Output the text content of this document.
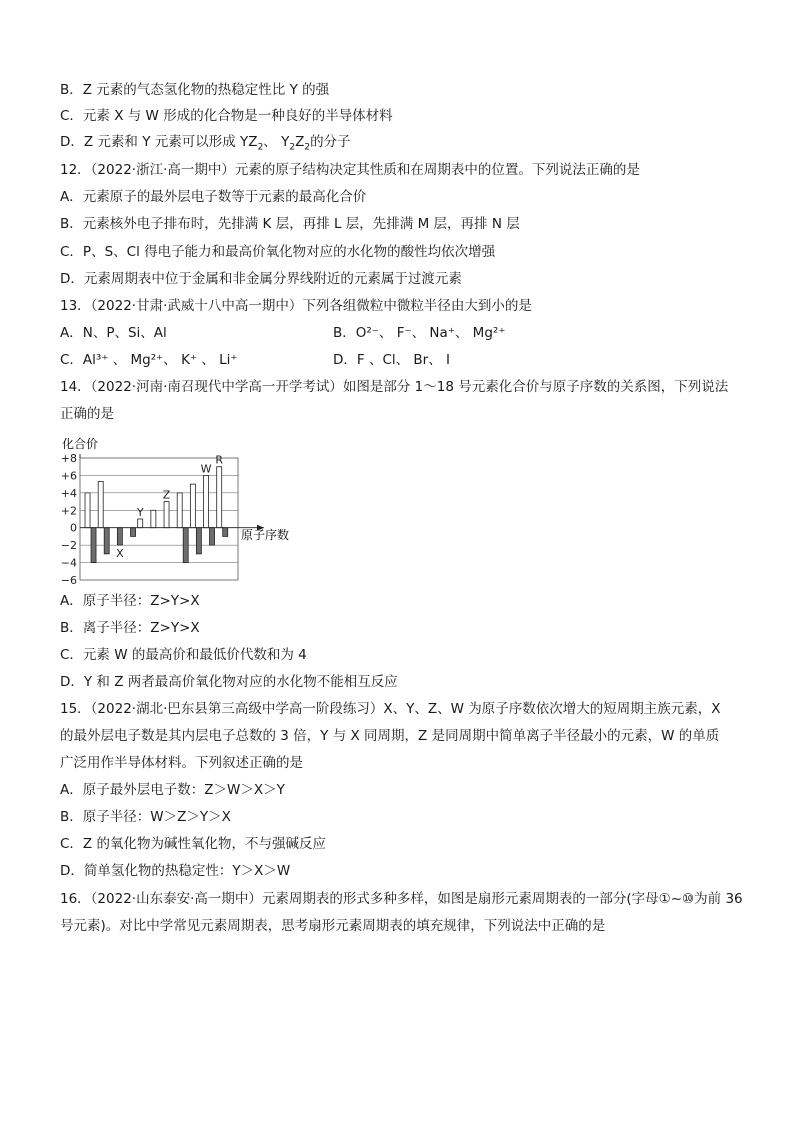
B．Z 元素的气态氢化物的热稳定性比 Y 的强
C．元素 X 与 W 形成的化合物是一种良好的半导体材料
D．Z 元素和 Y 元素可以形成 $YZ_2$、 $Y_2Z_2$的分子
12．（2022·浙江·高一期中）元素的原子结构决定其性质和在周期表中的位置。下列说法正确的是
A．元素原子的最外层电子数等于元素的最高化合价
B．元素核外电子排布时，先排满 K 层，再排 L 层，先排满 M 层，再排 N 层
C．P、S、Cl 得电子能力和最高价氧化物对应的水化物的酸性均依次增强
D．元素周期表中位于金属和非金属分界线附近的元素属于过渡元素
13．（2022·甘肃·武威十八中高一期中）下列各组微粒中微粒半径由大到小的是
A．N、P、Si、Al	B．O²⁻、 F⁻、 Na⁺、 Mg²⁺
C．Al³⁺ 、 Mg²⁺、 K⁺ 、 Li⁺	D．F 、Cl、 Br、 I
14．（2022·河南·南召现代中学高一开学考试）如图是部分 1～18 号元素化合价与原子序数的关系图，下列说法
正确的是
化合价
原子序数
+8
+6
+4
+2
0
−2
−4
−6
X
Y
Z
W
R
A．原子半径：Z>Y>X
B．离子半径：Z>Y>X
C．元素 W 的最高价和最低价代数和为 4
D．Y 和 Z 两者最高价氧化物对应的水化物不能相互反应
15．（2022·湖北·巴东县第三高级中学高一阶段练习）X、Y、Z、W 为原子序数依次增大的短周期主族元素，X
的最外层电子数是其内层电子总数的 3 倍，Y 与 X 同周期，Z 是同周期中简单离子半径最小的元素，W 的单质
广泛用作半导体材料。下列叙述正确的是
A．原子最外层电子数：Z＞W＞X＞Y
B．原子半径：W＞Z＞Y＞X
C．Z 的氧化物为碱性氧化物，不与强碱反应
D．简单氢化物的热稳定性：Y＞X＞W
16．（2022·山东泰安·高一期中）元素周期表的形式多种多样，如图是扇形元素周期表的一部分(字母①~⑩为前 36
号元素)。对比中学常见元素周期表，思考扇形元素周期表的填充规律，下列说法中正确的是
